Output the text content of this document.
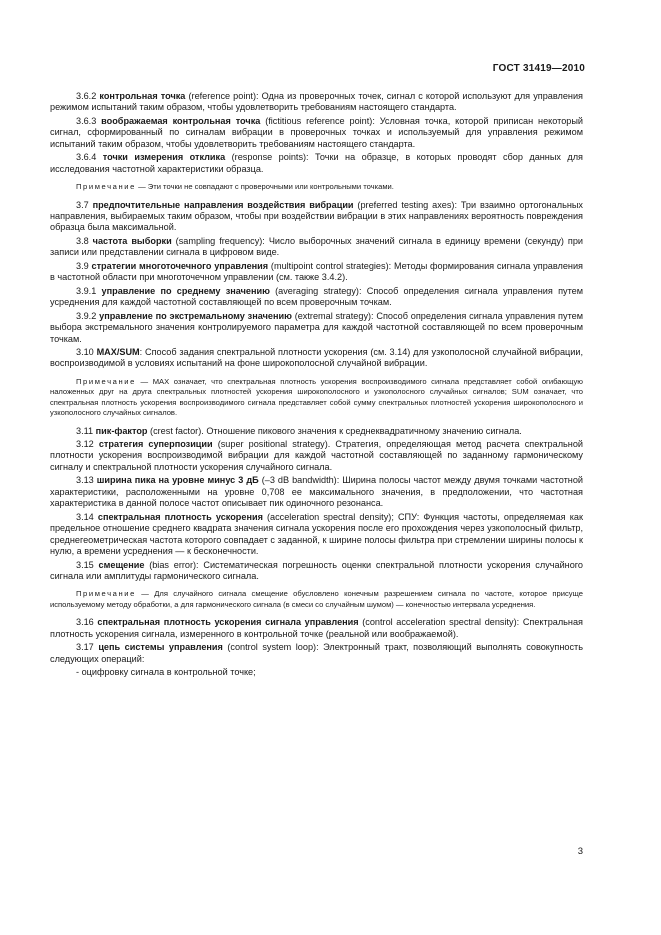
ГОСТ 31419—2010

3.6.2 контрольная точка (reference point): Одна из проверочных точек, сигнал с которой используют для управления режимом испытаний таким образом, чтобы удовлетворить требованиям настоящего стандарта.

3.6.3 воображаемая контрольная точка (fictitious reference point): Условная точка, которой приписан некоторый сигнал, сформированный по сигналам вибрации в проверочных точках и используемый для управления режимом испытаний таким образом, чтобы удовлетворить требованиям настоящего стандарта.

3.6.4 точки измерения отклика (response points): Точки на образце, в которых проводят сбор данных для исследования частотной характеристики образца.

Примечание — Эти точки не совпадают с проверочными или контрольными точками.

3.7 предпочтительные направления воздействия вибрации (preferred testing axes): Три взаимно ортогональных направления, выбираемых таким образом, чтобы при воздействии вибрации в этих направлениях вероятность повреждения образца была максимальной.

3.8 частота выборки (sampling frequency): Число выборочных значений сигнала в единицу времени (секунду) при записи или представлении сигнала в цифровом виде.

3.9 стратегии многоточечного управления (multipoint control strategies): Методы формирования сигнала управления в частотной области при многоточечном управлении (см. также 3.4.2).

3.9.1 управление по среднему значению (averaging strategy): Способ определения сигнала управления путем усреднения для каждой частотной составляющей по всем проверочным точкам.

3.9.2 управление по экстремальному значению (extremal strategy): Способ определения сигнала управления путем выбора экстремального значения контролируемого параметра для каждой частотной составляющей по всем проверочным точкам.

3.10 MAX/SUM: Способ задания спектральной плотности ускорения (см. 3.14) для узкополосной случайной вибрации, воспроизводимой в условиях испытаний на фоне широкополосной случайной вибрации.

Примечание — MAX означает, что спектральная плотность ускорения воспроизводимого сигнала представляет собой огибающую наложенных друг на друга спектральных плотностей ускорения широкополосного и узкополосного случайных сигналов; SUM означает, что спектральная плотность ускорения воспроизводимого сигнала представляет собой сумму спектральных плотностей ускорения широкополосного и узкополосного случайных сигналов.

3.11 пик-фактор (crest factor). Отношение пикового значения к среднеквадратичному значению сигнала.

3.12 стратегия суперпозиции (super positional strategy). Стратегия, определяющая метод расчета спектральной плотности ускорения воспроизводимой вибрации для каждой частотной составляющей по заданному гармоническому сигналу и спектральной плотности ускорения случайного сигнала.

3.13 ширина пика на уровне минус 3 дБ (–3 dB bandwidth): Ширина полосы частот между двумя точками частотной характеристики, расположенными на уровне 0,708 ее максимального значения, в предположении, что частотная характеристика в данной полосе частот описывает пик одиночного резонанса.

3.14 спектральная плотность ускорения (acceleration spectral density); СПУ: Функция частоты, определяемая как предельное отношение среднего квадрата значения сигнала ускорения после его прохождения через узкополосный фильтр, среднегеометрическая частота которого совпадает с заданной, к ширине полосы фильтра при стремлении ширины полосы к нулю, а времени усреднения — к бесконечности.

3.15 смещение (bias error): Систематическая погрешность оценки спектральной плотности ускорения случайного сигнала или амплитуды гармонического сигнала.

Примечание — Для случайного сигнала смещение обусловлено конечным разрешением сигнала по частоте, которое присуще используемому методу обработки, а для гармонического сигнала (в смеси со случайным шумом) — конечностью интервала усреднения.

3.16 спектральная плотность ускорения сигнала управления (control acceleration spectral density): Спектральная плотность ускорения сигнала, измеренного в контрольной точке (реальной или воображаемой).

3.17 цепь системы управления (control system loop): Электронный тракт, позволяющий выполнять совокупность следующих операций:

- оцифровку сигнала в контрольной точке;

3
